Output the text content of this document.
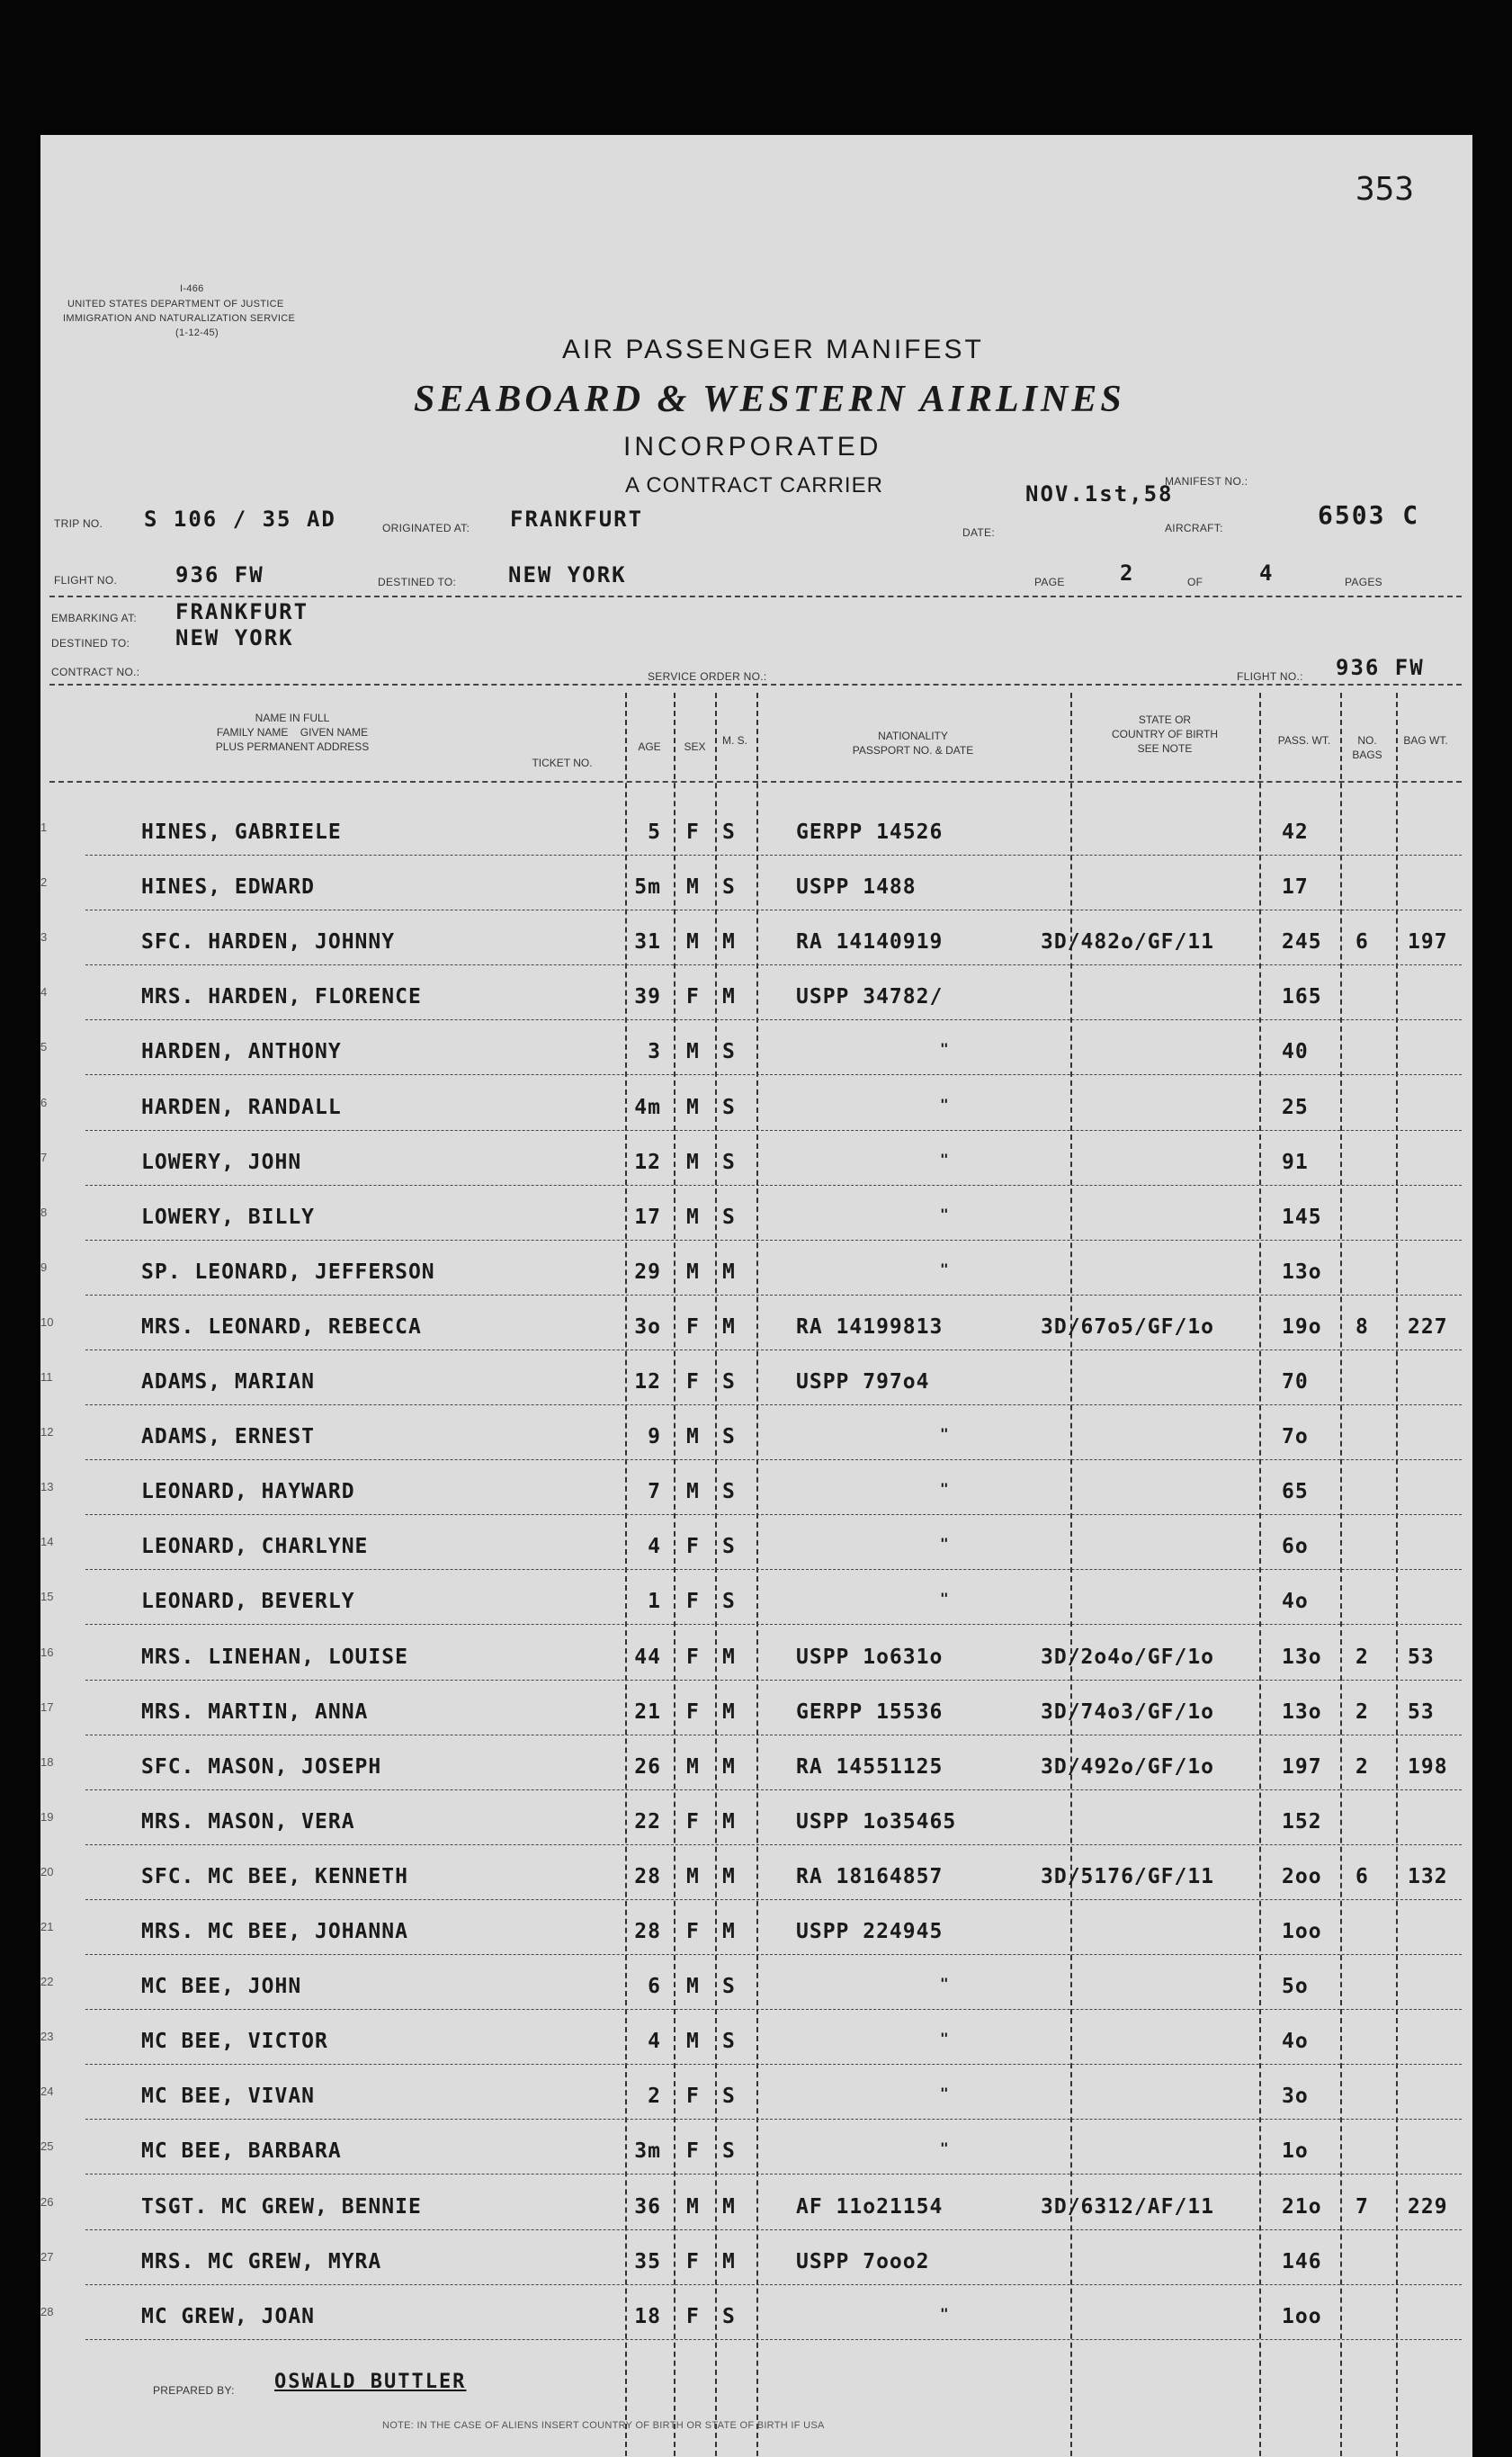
353
I-466
UNITED STATES DEPARTMENT OF JUSTICE
IMMIGRATION AND NATURALIZATION SERVICE
(1-12-45)
AIR PASSENGER MANIFEST
SEABOARD & WESTERN AIRLINES
INCORPORATED
A CONTRACT CARRIER
TRIP NO. S 106 / 35 AD	ORIGINATED AT: FRANKFURT
NOV.1st,58
MANIFEST NO.:
DATE:	AIRCRAFT:	6503 C
FLIGHT NO.	936 FW	DESTINED TO: NEW YORK	PAGE	2	OF	4	PAGES
EMBARKING AT: FRANKFURT
DESTINED TO: NEW YORK
CONTRACT NO.:	SERVICE ORDER NO.:	FLIGHT NO.: 936 FW
NAME IN FULL
FAMILY NAME GIVEN NAME
PLUS PERMANENT ADDRESS
TICKET NO.
AGE	SEX	M. S.	NATIONALITY
PASSPORT NO. & DATE
STATE OR
COUNTRY OF BIRTH
SEE NOTE
PASS. WT.	NO. BAGS
BAG WT.
1	HINES, GABRIELE	5 F S	GERPP 14526	42
2	HINES, EDWARD	5m M S	USPP 1488	17
3	SFC. HARDEN, JOHNNY	31 M M	RA 14140919	3D/482o/GF/11	245 6 197
4	MRS. HARDEN, FLORENCE	39 F M	USPP 34782/	165
5	HARDEN, ANTHONY	3 M S	"	40
6	HARDEN, RANDALL	4m M S	"	25
7	LOWERY, JOHN	12 M S	"	91
8	LOWERY, BILLY	17 M S	"	145
9	SP. LEONARD, JEFFERSON	29 M M	"	13o
10	MRS. LEONARD, REBECCA	3o F M	RA 14199813	3D/67o5/GF/1o	19o 8 227
11	ADAMS, MARIAN	12 F S	USPP 797o4	70
12	ADAMS, ERNEST	9 M S	"	7o
13	LEONARD, HAYWARD	7 M S	"	65
14	LEONARD, CHARLYNE	4 F S	"	6o
15	LEONARD, BEVERLY	1 F S	"	4o
16	MRS. LINEHAN, LOUISE	44 F M	USPP 1o631o	3D/2o4o/GF/1o	13o 2 53
17	MRS. MARTIN, ANNA	21 F M	GERPP 15536	3D/74o3/GF/1o	13o 2 53
18	SFC. MASON, JOSEPH	26 M M	RA 14551125	3D/492o/GF/1o	197 2 198
19	MRS. MASON, VERA	22 F M	USPP 1o35465	152
20	SFC. MC BEE, KENNETH	28 M M	RA 18164857	3D/5176/GF/11	2oo 6 132
21	MRS. MC BEE, JOHANNA	28 F M	USPP 224945	1oo
22	MC BEE, JOHN	6 M S	"	5o
23	MC BEE, VICTOR	4 M S	"	4o
24	MC BEE, VIVAN	2 F S	"	3o
25	MC BEE, BARBARA	3m F S	"	1o
26	TSGT. MC GREW, BENNIE	36 M M	AF 11o21154	3D/6312/AF/11	21o 7 229
27	MRS. MC GREW, MYRA	35 F M	USPP 7ooo2	146
28	MC GREW, JOAN	18 F S	"	1oo
PREPARED BY: OSWALD BUTTLER
NOTE: IN THE CASE OF ALIENS INSERT COUNTRY OF BIRTH OR STATE OF BIRTH IF USA
